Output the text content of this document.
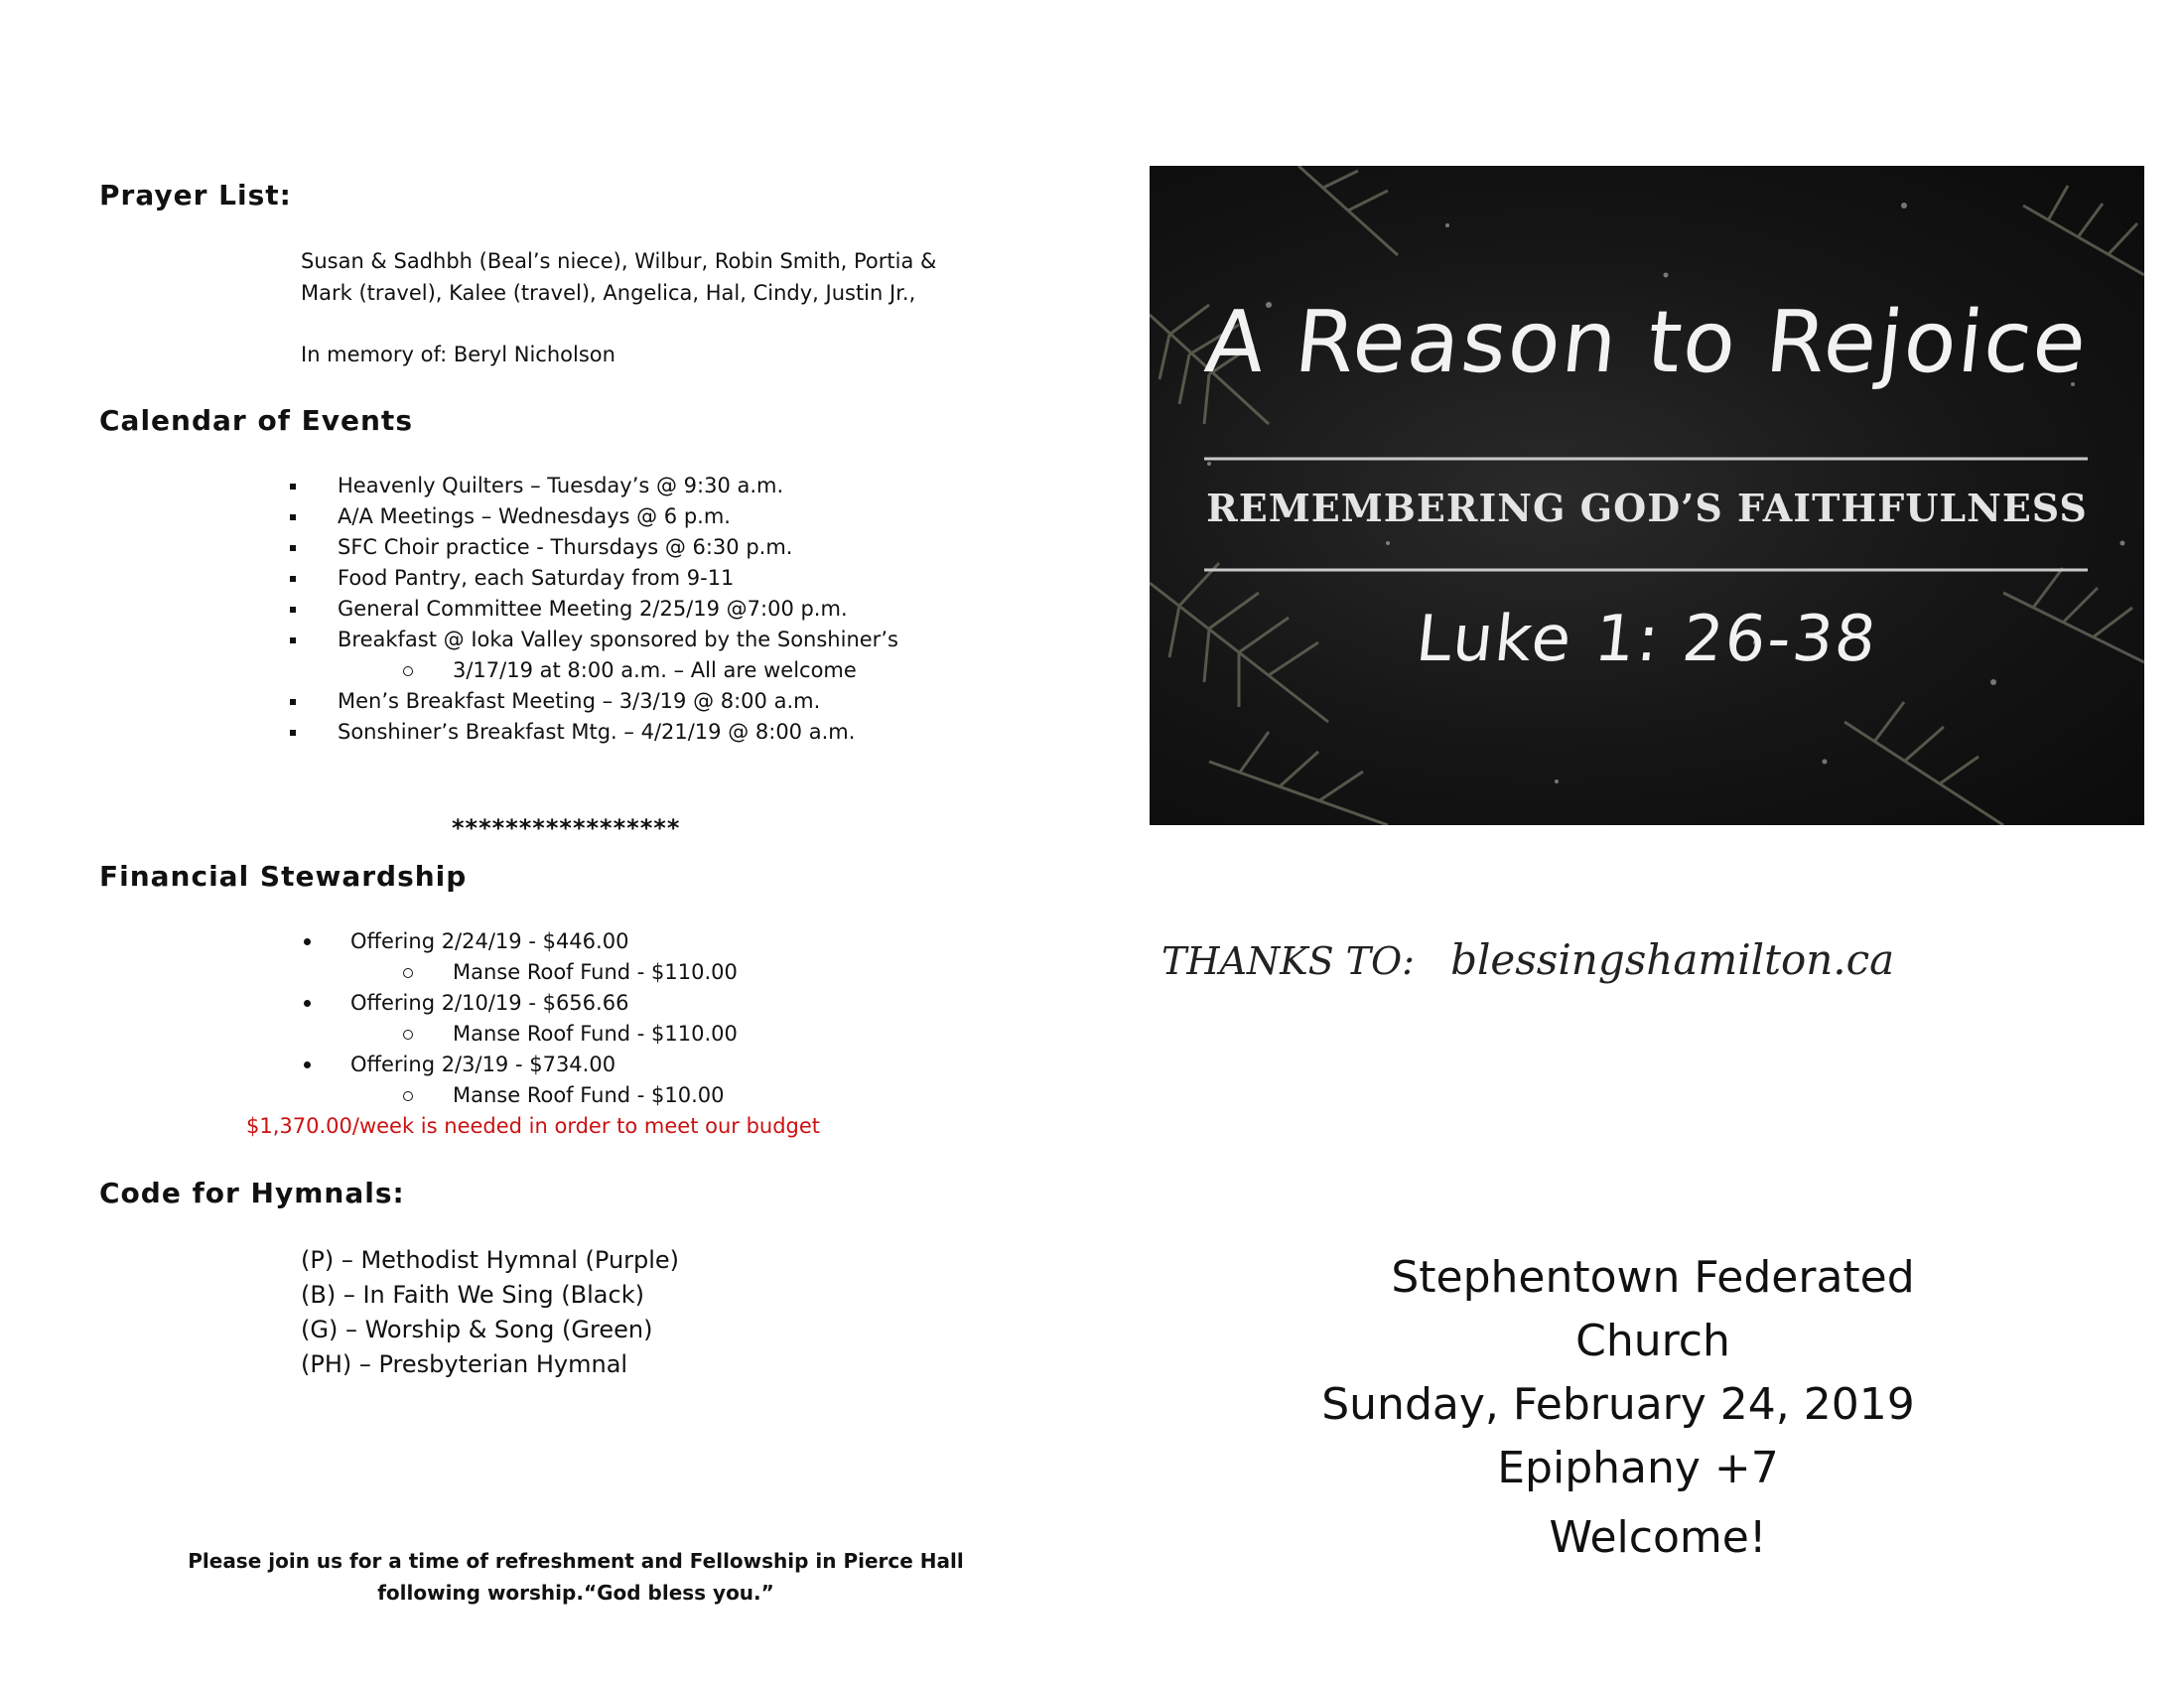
Prayer List:
Susan & Sadhbh (Beal’s niece), Wilbur, Robin Smith, Portia &
Mark (travel), Kalee (travel), Angelica, Hal, Cindy, Justin Jr.,
In memory of: Beryl Nicholson
Calendar of Events
Heavenly Quilters – Tuesday’s @ 9:30 a.m.
A/A Meetings – Wednesdays @ 6 p.m.
SFC Choir practice - Thursdays @ 6:30 p.m.
Food Pantry, each Saturday from 9-11
General Committee Meeting 2/25/19 @7:00 p.m.
Breakfast @ Ioka Valley sponsored by the Sonshiner’s
3/17/19 at 8:00 a.m. – All are welcome
Men’s Breakfast Meeting – 3/3/19 @ 8:00 a.m.
Sonshiner’s Breakfast Mtg. – 4/21/19 @ 8:00 a.m.
*****************
Financial Stewardship
Offering 2/24/19 - $446.00
Manse Roof Fund - $110.00
Offering 2/10/19 - $656.66
Manse Roof Fund - $110.00
Offering 2/3/19 - $734.00
Manse Roof Fund - $10.00
$1,370.00/week is needed in order to meet our budget
Code for Hymnals:
(P) – Methodist Hymnal (Purple)
(B) – In Faith We Sing (Black)
(G) – Worship & Song (Green)
(PH) – Presbyterian Hymnal
Please join us for a time of refreshment and Fellowship in Pierce Hall
following worship.“God bless you.”
A Reason to Rejoice
REMEMBERING GOD’S FAITHFULNESS
Luke 1: 26-38
THANKS TO: blessingshamilton.ca
Stephentown Federated Church
Sunday, February 24, 2019
Epiphany +7
Welcome!
